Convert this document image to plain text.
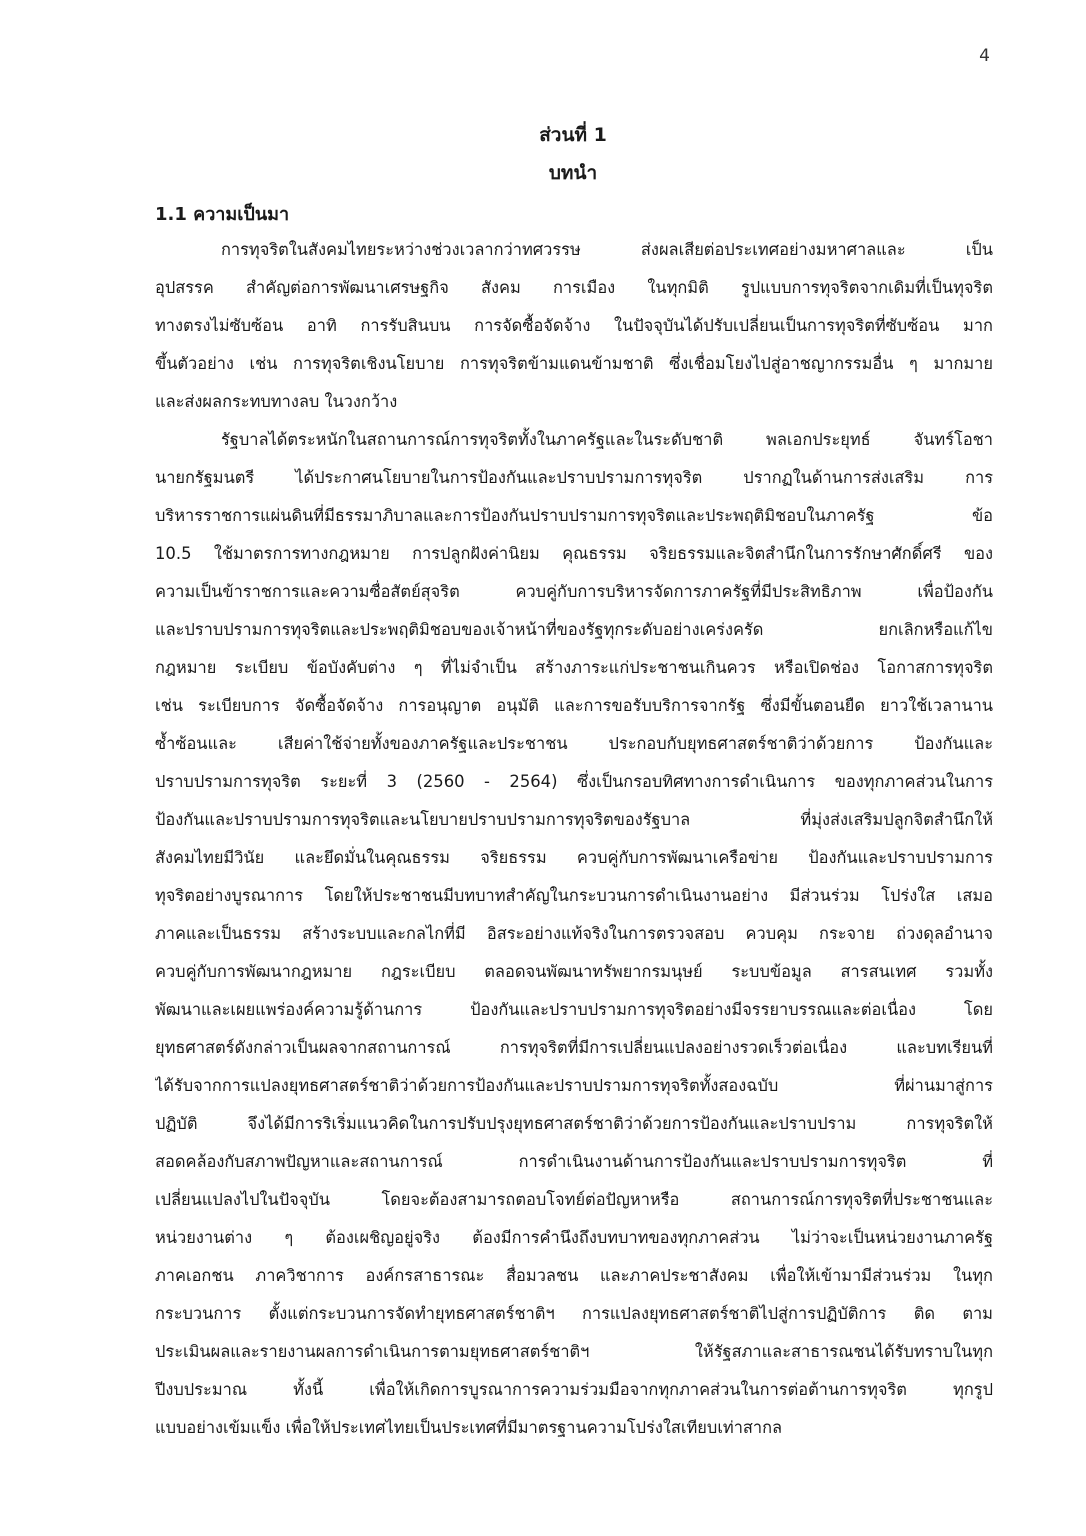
4
ส่วนที่ 1
บทนำ
1.1 ความเป็นมา
การทุจริตในสังคมไทยระหว่างช่วงเวลากว่าทศวรรษ ส่งผลเสียต่อประเทศอย่างมหาศาลและ เป็น
อุปสรรค สำคัญต่อการพัฒนาเศรษฐกิจ สังคม การเมือง ในทุกมิติ รูปแบบการทุจริตจากเดิมที่เป็นทุจริต
ทางตรงไม่ซับซ้อน อาทิ การรับสินบน การจัดซื้อจัดจ้าง ในปัจจุบันได้ปรับเปลี่ยนเป็นการทุจริตที่ซับซ้อน มาก
ขึ้นตัวอย่าง เช่น การทุจริตเชิงนโยบาย การทุจริตข้ามแดนข้ามชาติ ซึ่งเชื่อมโยงไปสู่อาชญากรรมอื่น ๆ มากมาย
และส่งผลกระทบทางลบ ในวงกว้าง
รัฐบาลได้ตระหนักในสถานการณ์การทุจริตทั้งในภาครัฐและในระดับชาติ พลเอกประยุทธ์ จันทร์โอชา
นายกรัฐมนตรี ได้ประกาศนโยบายในการป้องกันและปราบปรามการทุจริต ปรากฏในด้านการส่งเสริม การ
บริหารราชการแผ่นดินที่มีธรรมาภิบาลและการป้องกันปราบปรามการทุจริตและประพฤติมิชอบในภาครัฐ ข้อ
10.5 ใช้มาตรการทางกฎหมาย การปลูกฝังค่านิยม คุณธรรม จริยธรรมและจิตสำนึกในการรักษาศักดิ์ศรี ของ
ความเป็นข้าราชการและความซื่อสัตย์สุจริต ควบคู่กับการบริหารจัดการภาครัฐที่มีประสิทธิภาพ เพื่อป้องกัน
และปราบปรามการทุจริตและประพฤติมิชอบของเจ้าหน้าที่ของรัฐทุกระดับอย่างเคร่งครัด ยกเลิกหรือแก้ไข
กฎหมาย ระเบียบ ข้อบังคับต่าง ๆ ที่ไม่จำเป็น สร้างภาระแก่ประชาชนเกินควร หรือเปิดช่อง โอกาสการทุจริต
เช่น ระเบียบการ จัดซื้อจัดจ้าง การอนุญาต อนุมัติ และการขอรับบริการจากรัฐ ซึ่งมีขั้นตอนยืด ยาวใช้เวลานาน
ซ้ำซ้อนและ เสียค่าใช้จ่ายทั้งของภาครัฐและประชาชน ประกอบกับยุทธศาสตร์ชาติว่าด้วยการ ป้องกันและ
ปราบปรามการทุจริต ระยะที่ 3 (2560 - 2564) ซึ่งเป็นกรอบทิศทางการดำเนินการ ของทุกภาคส่วนในการ
ป้องกันและปราบปรามการทุจริตและนโยบายปราบปรามการทุจริตของรัฐบาล ที่มุ่งส่งเสริมปลูกจิตสำนึกให้
สังคมไทยมีวินัย และยึดมั่นในคุณธรรม จริยธรรม ควบคู่กับการพัฒนาเครือข่าย ป้องกันและปราบปรามการ
ทุจริตอย่างบูรณาการ โดยให้ประชาชนมีบทบาทสำคัญในกระบวนการดำเนินงานอย่าง มีส่วนร่วม โปร่งใส เสมอ
ภาคและเป็นธรรม สร้างระบบและกลไกที่มี อิสระอย่างแท้จริงในการตรวจสอบ ควบคุม กระจาย ถ่วงดุลอำนาจ
ควบคู่กับการพัฒนากฎหมาย กฎระเบียบ ตลอดจนพัฒนาทรัพยากรมนุษย์ ระบบข้อมูล สารสนเทศ รวมทั้ง
พัฒนาและเผยแพร่องค์ความรู้ด้านการ ป้องกันและปราบปรามการทุจริตอย่างมีจรรยาบรรณและต่อเนื่อง โดย
ยุทธศาสตร์ดังกล่าวเป็นผลจากสถานการณ์ การทุจริตที่มีการเปลี่ยนแปลงอย่างรวดเร็วต่อเนื่อง และบทเรียนที่
ได้รับจากการแปลงยุทธศาสตร์ชาติว่าด้วยการป้องกันและปราบปรามการทุจริตทั้งสองฉบับ ที่ผ่านมาสู่การ
ปฏิบัติ จึงได้มีการริเริ่มแนวคิดในการปรับปรุงยุทธศาสตร์ชาติว่าด้วยการป้องกันและปราบปราม การทุจริตให้
สอดคล้องกับสภาพปัญหาและสถานการณ์ การดำเนินงานด้านการป้องกันและปราบปรามการทุจริต ที่
เปลี่ยนแปลงไปในปัจจุบัน โดยจะต้องสามารถตอบโจทย์ต่อปัญหาหรือ สถานการณ์การทุจริตที่ประชาชนและ
หน่วยงานต่าง ๆ ต้องเผชิญอยู่จริง ต้องมีการคำนึงถึงบทบาทของทุกภาคส่วน ไม่ว่าจะเป็นหน่วยงานภาครัฐ
ภาคเอกชน ภาควิชาการ องค์กรสาธารณะ สื่อมวลชน และภาคประชาสังคม เพื่อให้เข้ามามีส่วนร่วม ในทุก
กระบวนการ ตั้งแต่กระบวนการจัดทำยุทธศาสตร์ชาติฯ การแปลงยุทธศาสตร์ชาติไปสู่การปฏิบัติการ ติด ตาม
ประเมินผลและรายงานผลการดำเนินการตามยุทธศาสตร์ชาติฯ ให้รัฐสภาและสาธารณชนได้รับทราบในทุก
ปีงบประมาณ ทั้งนี้ เพื่อให้เกิดการบูรณาการความร่วมมือจากทุกภาคส่วนในการต่อต้านการทุจริต ทุกรูป
แบบอย่างเข้มแข็ง เพื่อให้ประเทศไทยเป็นประเทศที่มีมาตรฐานความโปร่งใสเทียบเท่าสากล
